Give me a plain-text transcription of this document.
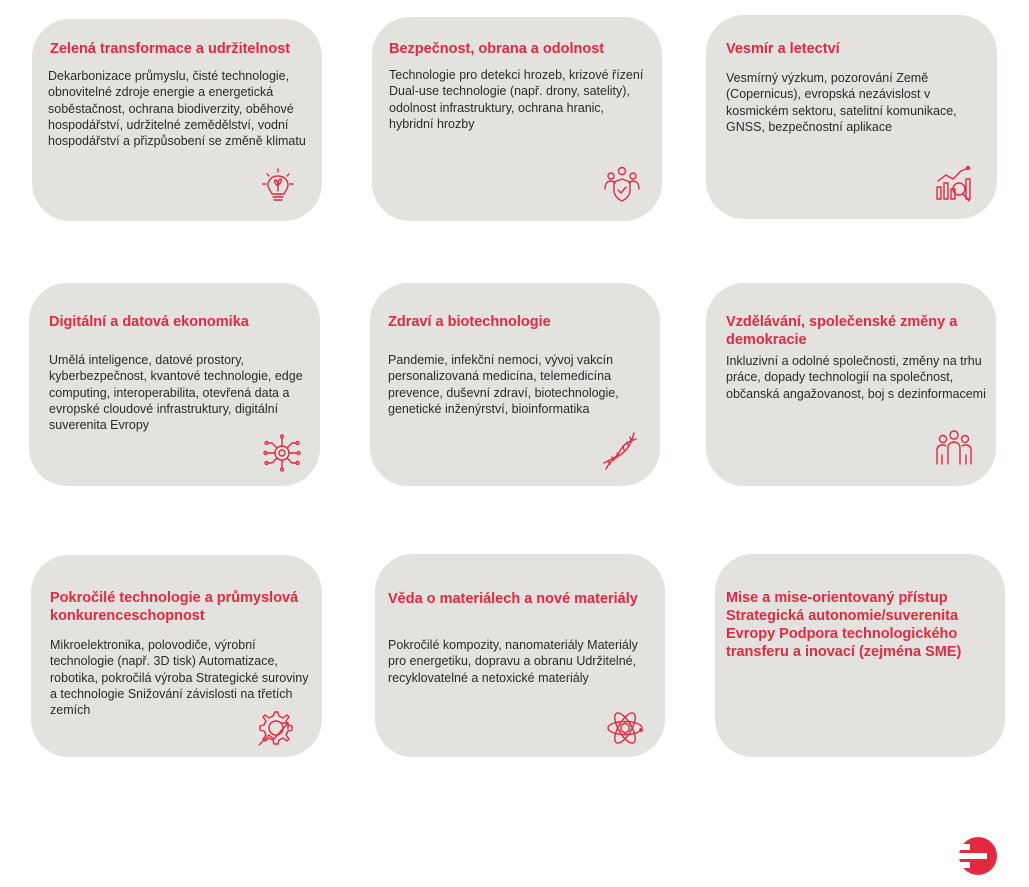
Zelená transformace a udržitelnost

Dekarbonizace průmyslu, čisté technologie, obnovitelné zdroje energie a energetická soběstačnost, ochrana biodiverzity, oběhové hospodářství, udržitelné zemědělství, vodní hospodářství a přizpůsobení se změně klimatu

Bezpečnost, obrana a odolnost

Technologie pro detekci hrozeb, krizové řízení Dual-use technologie (např. drony, satelity), odolnost infrastruktury, ochrana hranic, hybridní hrozby

Vesmír a letectví

Vesmírný výzkum, pozorování Země (Copernicus), evropská nezávislost v kosmickém sektoru, satelitní komunikace, GNSS, bezpečnostní aplikace

Digitální a datová ekonomika

Umělá inteligence, datové prostory, kyberbezpečnost, kvantové technologie, edge computing, interoperabilita, otevřená data a evropské cloudové infrastruktury, digitální suverenita Evropy

Zdraví a biotechnologie

Pandemie, infekční nemoci, vývoj vakcín personalizovaná medicína, telemedicína prevence, duševní zdraví, biotechnologie, genetické inženýrství, bioinformatika

Vzdělávání, společenské změny a demokracie

Inkluzivní a odolné společnosti, změny na trhu práce, dopady technologií na společnost, občanská angažovanost, boj s dezinformacemi

Pokročilé technologie a průmyslová konkurenceschopnost

Mikroelektronika, polovodiče, výrobní technologie (např. 3D tisk) Automatizace, robotika, pokročilá výroba Strategické suroviny a technologie Snižování závislosti na třetích zemích

Věda o materiálech a nové materiály

Pokročilé kompozity, nanomateriály Materiály pro energetiku, dopravu a obranu Udržitelné, recyklovatelné a netoxické materiály

Mise a mise-orientovaný přístup Strategická autonomie/suverenita Evropy Podpora technologického transferu a inovací (zejména SME)
